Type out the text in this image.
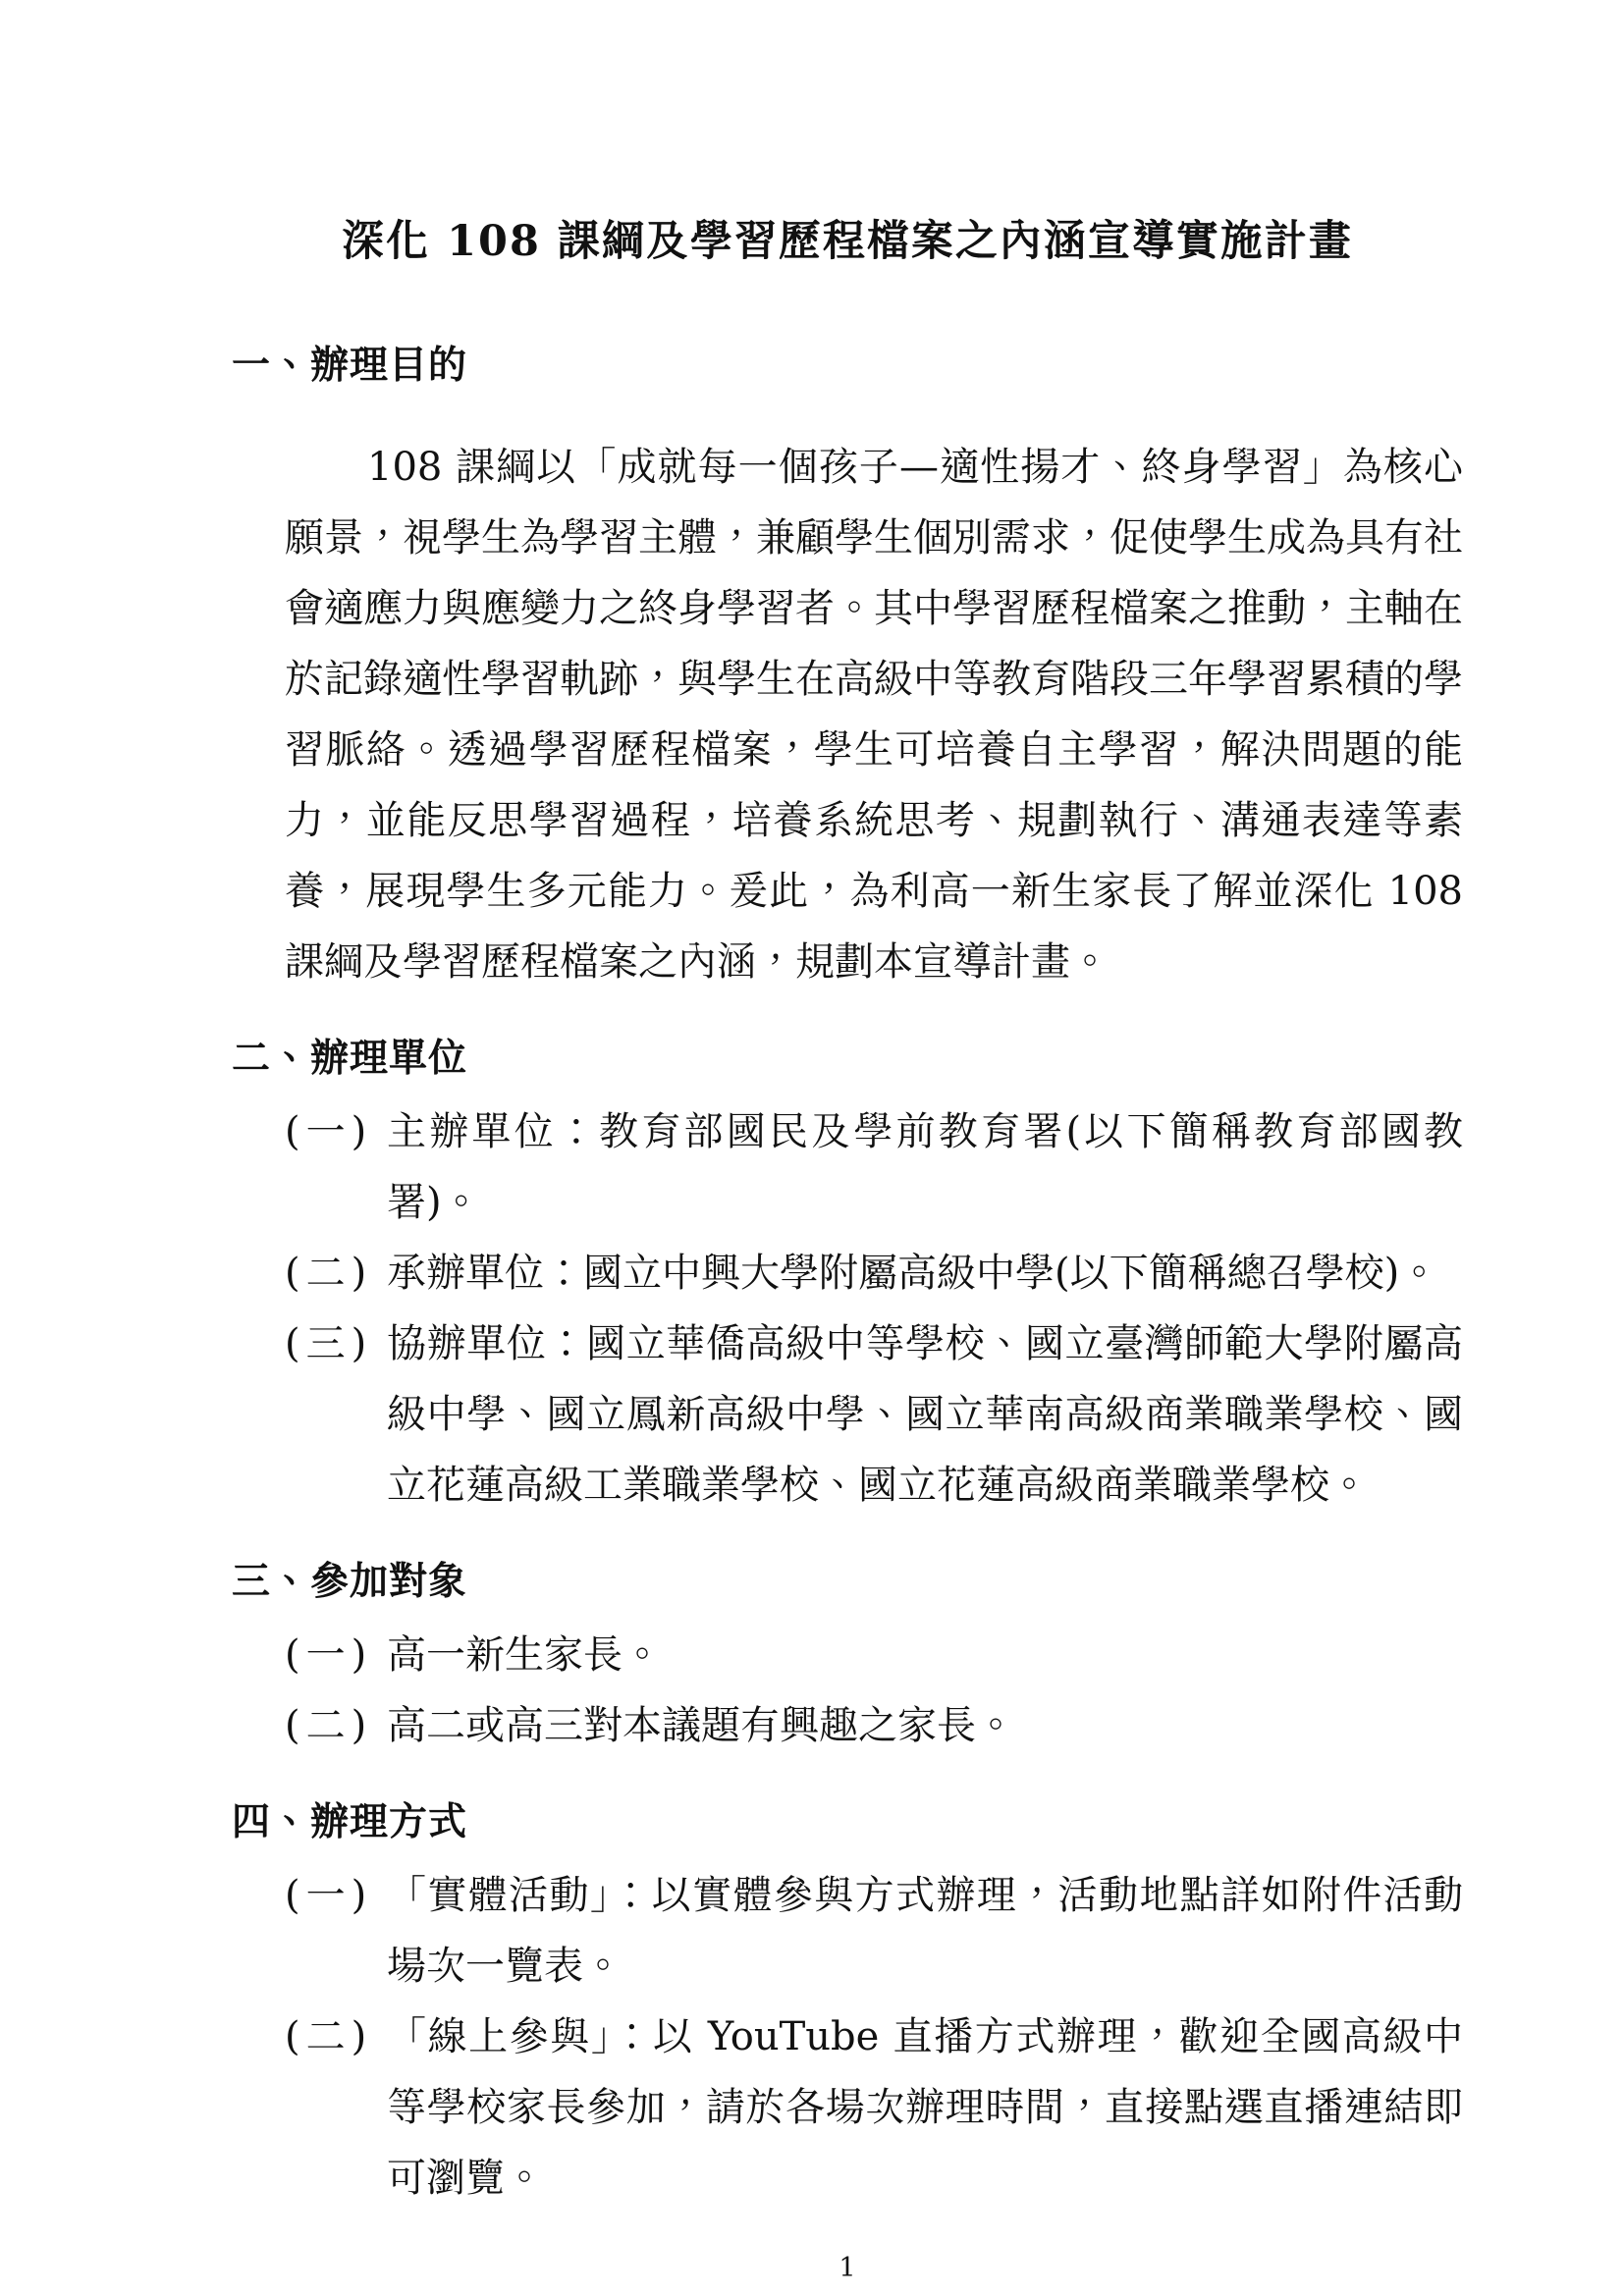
深化 108 課綱及學習歷程檔案之內涵宣導實施計畫
一、辦理目的

108 課綱以「成就每一個孩子—適性揚才、終身學習」為核心願景，視學生為學習主體，兼顧學生個別需求，促使學生成為具有社會適應力與應變力之終身學習者。其中學習歷程檔案之推動，主軸在於記錄適性學習軌跡，與學生在高級中等教育階段三年學習累積的學習脈絡。透過學習歷程檔案，學生可培養自主學習，解決問題的能力，並能反思學習過程，培養系統思考、規劃執行、溝通表達等素養，展現學生多元能力。爰此，為利高一新生家長了解並深化 108 課綱及學習歷程檔案之內涵，規劃本宣導計畫。

二、辦理單位
(一) 主辦單位：教育部國民及學前教育署(以下簡稱教育部國教署)。
(二) 承辦單位：國立中興大學附屬高級中學(以下簡稱總召學校)。
(三) 協辦單位：國立華僑高級中等學校、國立臺灣師範大學附屬高級中學、國立鳳新高級中學、國立華南高級商業職業學校、國立花蓮高級工業職業學校、國立花蓮高級商業職業學校。
三、參加對象
(一) 高一新生家長。
(二) 高二或高三對本議題有興趣之家長。
四、辦理方式
(一) 「實體活動」：以實體參與方式辦理，活動地點詳如附件活動場次一覽表。
(二) 「線上參與」：以 YouTube 直播方式辦理，歡迎全國高級中等學校家長參加，請於各場次辦理時間，直接點選直播連結即可瀏覽。
1
